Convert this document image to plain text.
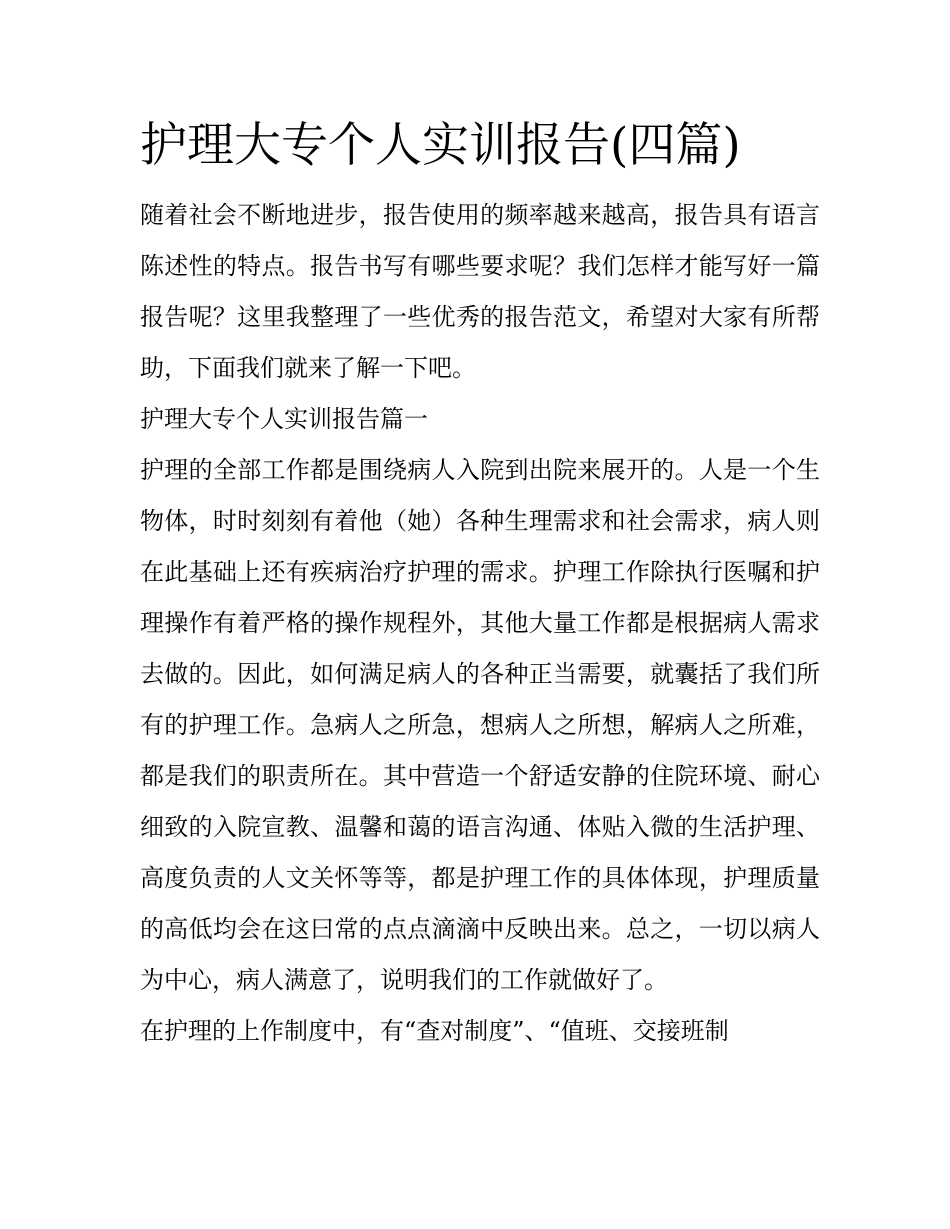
护理大专个人实训报告(四篇)

随着社会不断地进步，报告使用的频率越来越高，报告具有语言陈述性的特点。报告书写有哪些要求呢？我们怎样才能写好一篇报告呢？这里我整理了一些优秀的报告范文，希望对大家有所帮助，下面我们就来了解一下吧。

护理大专个人实训报告篇一

护理的全部工作都是围绕病人入院到出院来展开的。人是一个生物体，时时刻刻有着他（她）各种生理需求和社会需求，病人则在此基础上还有疾病治疗护理的需求。护理工作除执行医嘱和护理操作有着严格的操作规程外，其他大量工作都是根据病人需求去做的。因此，如何满足病人的各种正当需要，就囊括了我们所有的护理工作。急病人之所急，想病人之所想，解病人之所难，都是我们的职责所在。其中营造一个舒适安静的住院环境、耐心细致的入院宣教、温馨和蔼的语言沟通、体贴入微的生活护理、高度负责的人文关怀等等，都是护理工作的具体体现，护理质量的高低均会在这曰常的点点滴滴中反映出来。总之，一切以病人为中心，病人满意了，说明我们的工作就做好了。

在护理的上作制度中，有“查对制度”、“值班、交接班制
